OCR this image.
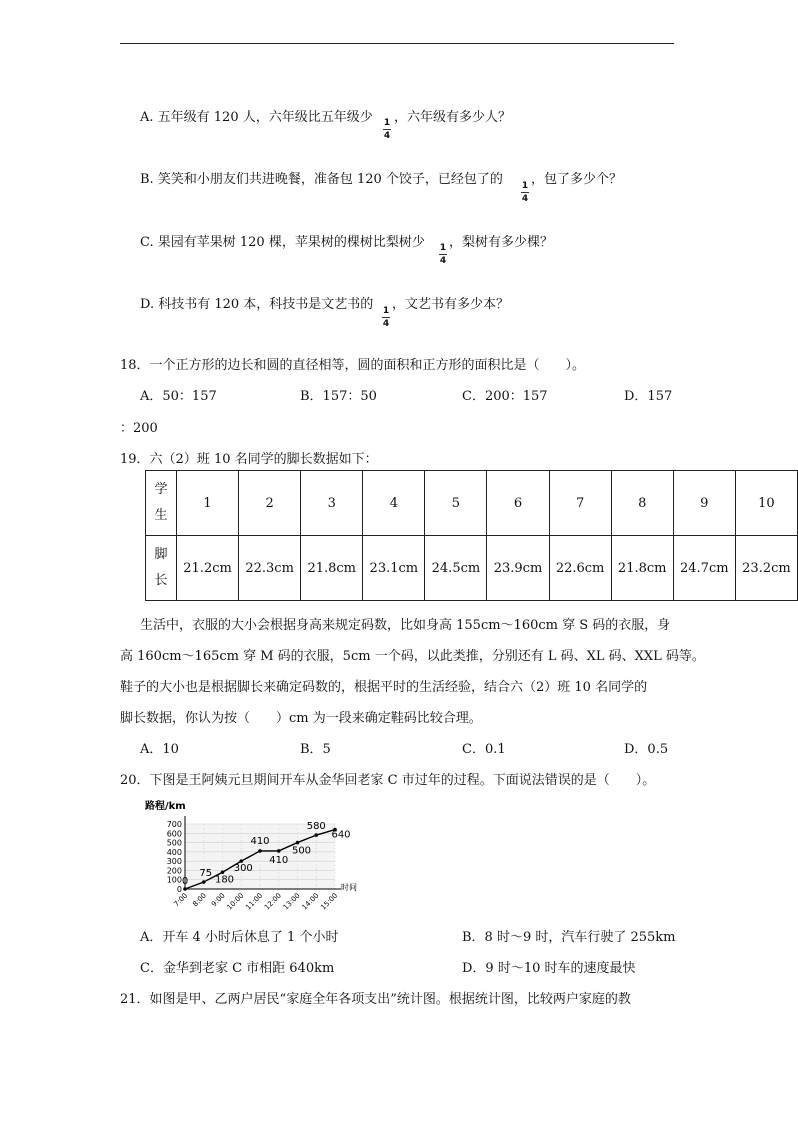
A. 五年级有 120 人，六年级比五年级少 1
4
，六年级有多少人？
B. 笑笑和小朋友们共进晚餐，准备包 120 个饺子，已经包了的 1
4
，包了多少个？
C. 果园有苹果树 120 棵，苹果树的棵树比梨树少 1
4
，梨树有多少棵？
D. 科技书有 120 本，科技书是文艺书的 1
4
，文艺书有多少本？
18．一个正方形的边长和圆的直径相等，圆的面积和正方形的面积比是（　　）。
A．50：157	B．157：50	C．200：157	D．157
：200
19．六（2）班 10 名同学的脚长数据如下：
学
生	1	2	3	4	5	6	7	8	9	10
脚
长	21.2cm	22.3cm	21.8cm	23.1cm	24.5cm	23.9cm	22.6cm	21.8cm	24.7cm	23.2cm
生活中，衣服的大小会根据身高来规定码数，比如身高 155cm～160cm 穿 S 码的衣服，身
高 160cm～165cm 穿 M 码的衣服，5cm 一个码，以此类推，分别还有 L 码、XL 码、XXL 码等。
鞋子的大小也是根据脚长来确定码数的，根据平时的生活经验，结合六（2）班 10 名同学的
脚长数据，你认为按（　　）cm 为一段来确定鞋码比较合理。
A．10	B．5	C．0.1	D．0.5
20．下图是王阿姨元旦期间开车从金华回老家 C 市过年的过程。下面说法错误的是（　　）。
路程/km
0
100
200
300
400
500
600
700
7:00 8:00 9:00
10:00
11:00
12:00
13:00
14:00
15:00
0
75
180
300
410
410
500
580
640
时间
A．开车 4 小时后休息了 1 个小时	B．8 时～9 时，汽车行驶了 255km
C．金华到老家 C 市相距 640km	D．9 时～10 时车的速度最快
21．如图是甲、乙两户居民“家庭全年各项支出”统计图。根据统计图，比较两户家庭的教
